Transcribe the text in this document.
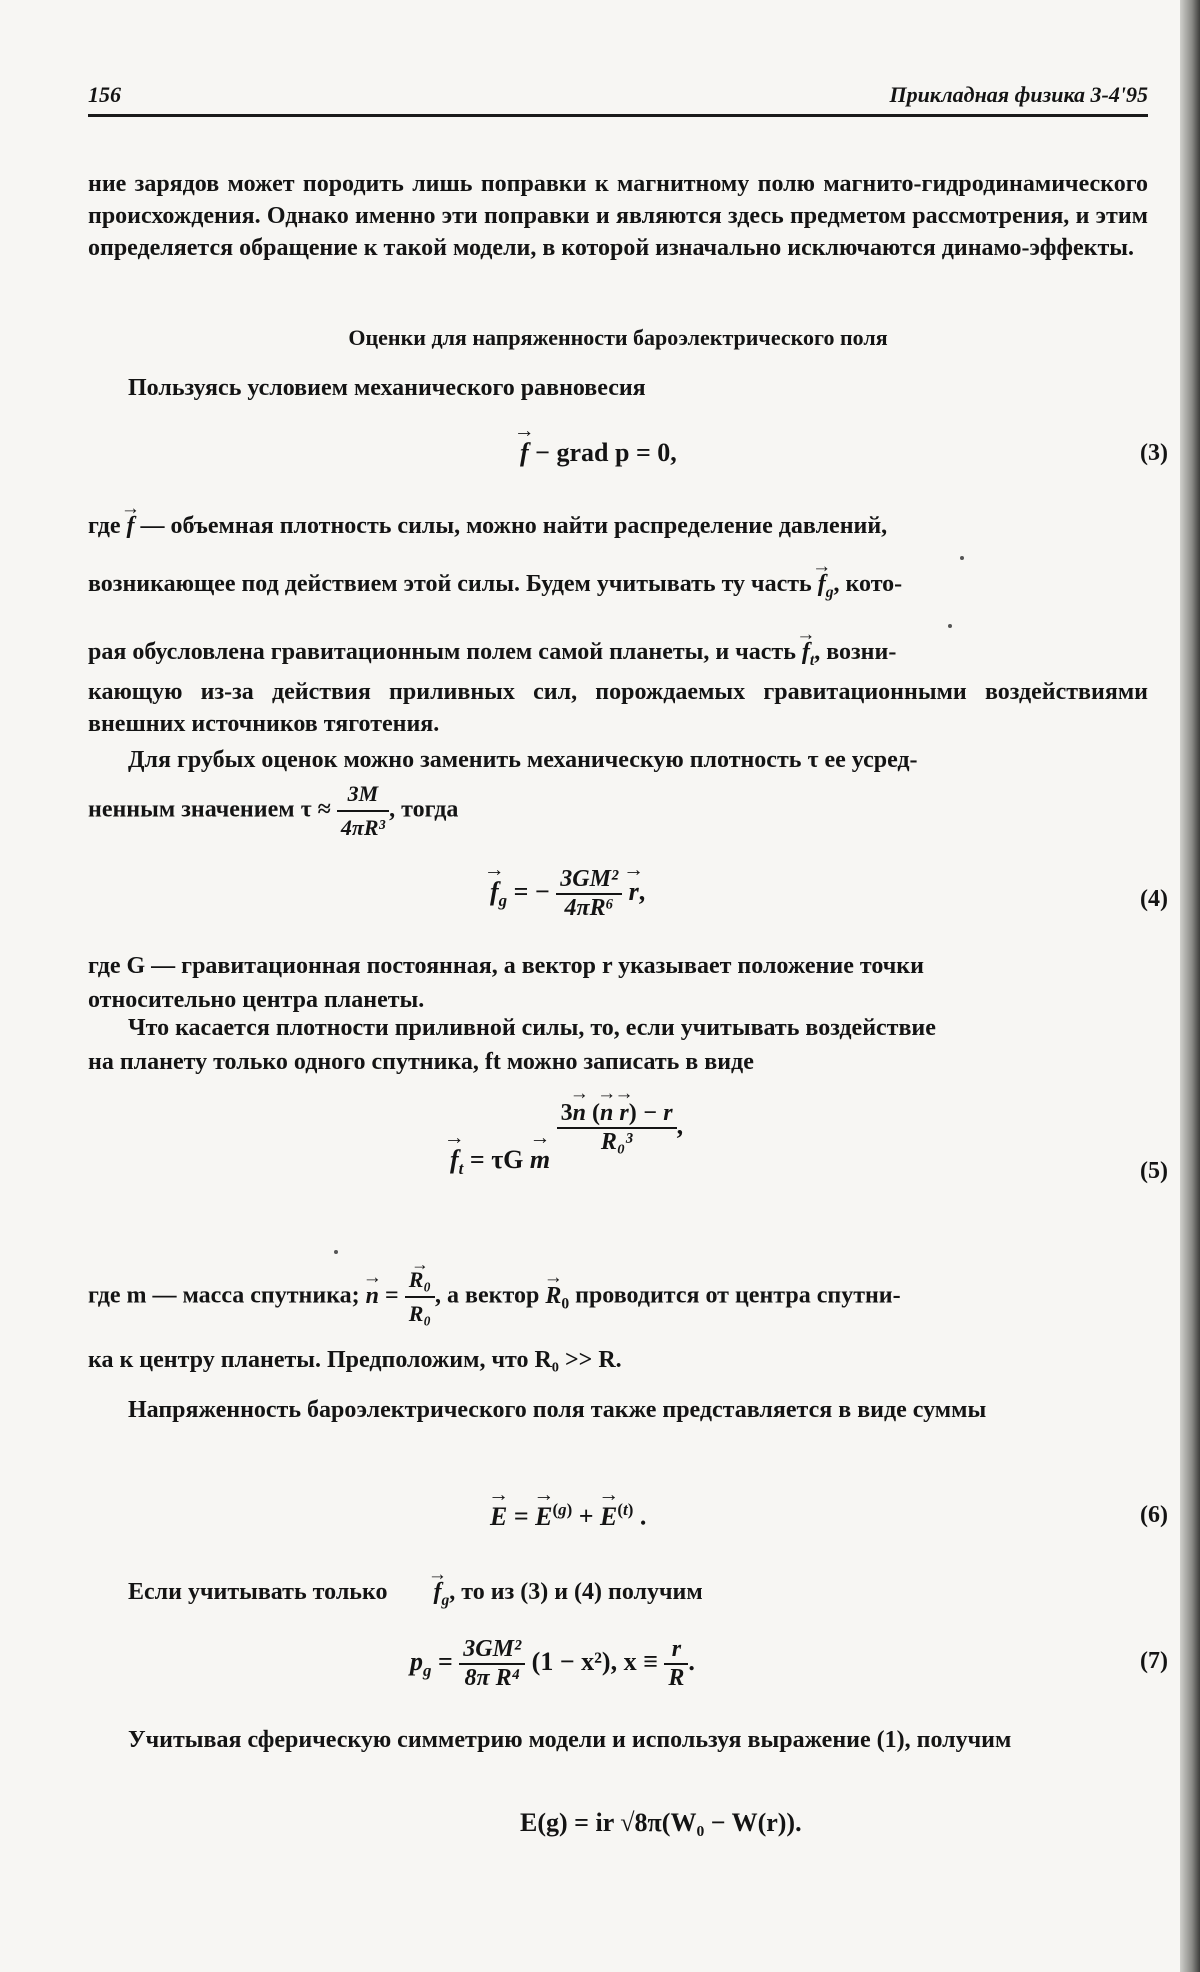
156	Прикладная физика 3-4'95
ние зарядов может породить лишь поправки к магнитному полю магнито-гидродинамического происхождения. Однако именно эти поправки и являются здесь предметом рассмотрения, и этим определяется обращение к такой модели, в которой изначально исключаются динамо-эффекты.
Оценки для напряженности бароэлектрического поля
Пользуясь условием механического равновесия
→ f − grad p = 0,	(3)
где → f — объемная плотность силы, можно найти распределение давлений,
возникающее под действием этой силы. Будем учитывать ту часть → $f_g$, кото-
рая обусловлена гравитационным полем самой планеты, и часть → $f_t$, возни-
кающую из-за действия приливных сил, порождаемых гравитационными воздействиями внешних источников тяготения.
Для грубых оценок можно заменить механическую плотность τ ее усред-
ненным значением $\tau \approx \frac{3M}{\text{4πR³}}$ , тогда
→ $f_g$ = − $\frac{\text{3GM²}}{\text{4πR⁶}}$
→ r,	(4)
где G — гравитационная постоянная, а вектор r указывает положение точки
относительно центра планеты.
Что касается плотности приливной силы, то, если учитывать воздействие
на планету только одного спутника, ft можно записать в виде
→ $f_t = \tau G \to m$
$\frac{3\to n (\to n \to r) - r}{\text{R₀³}}$ ,
(5)
где m — масса спутника; → n =
→ $\frac{\text{R₀}}{\text{R₀}}$ , а вектор → $R_0$ проводится от центра спутни-
ка к центру планеты. Предположим, что R₀ >> R.
Напряженность бароэлектрического поля также представляется в виде суммы
→ E = → $E^{(g)}$ + → $E^{(t)}$ .	(6)
Если учитывать только → $f_g$, то из (3) и (4) получим
$p_g = \frac{\text{3GM²}}{\text{8π R⁴}} (1 - x^2)$, $x \equiv \frac{r}{R}$ .	(7)
Учитывая сферическую симметрию модели и используя выражение (1), получим
E(g) = ir √8π(W₀ − W(r)).
